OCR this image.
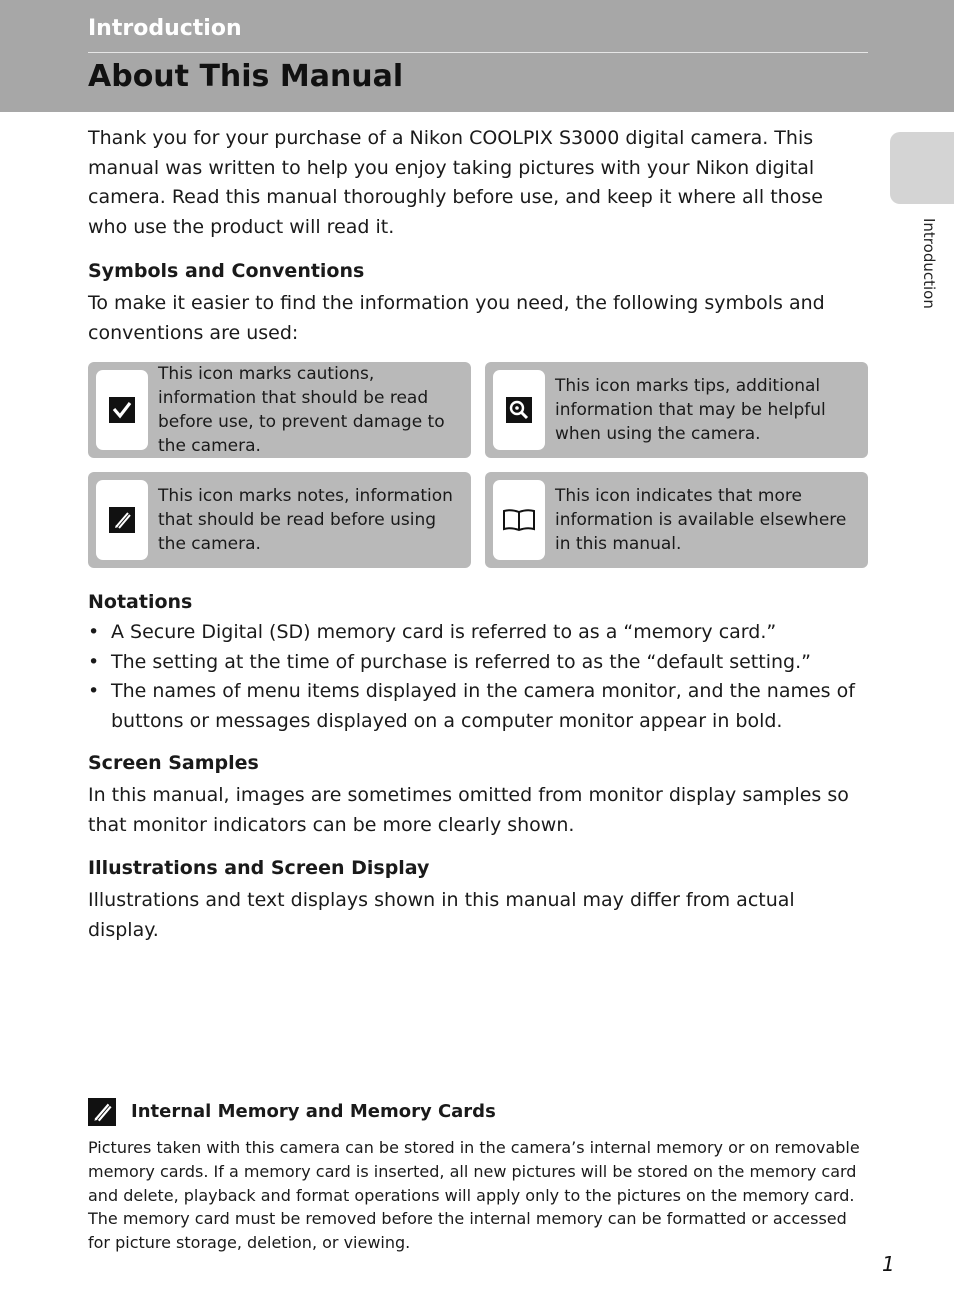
Introduction
About This Manual
Introduction

Thank you for your purchase of a Nikon COOLPIX S3000 digital camera. This manual was written to help you enjoy taking pictures with your Nikon digital camera. Read this manual thoroughly before use, and keep it where all those who use the product will read it.

Symbols and Conventions

To make it easier to find the information you need, the following symbols and conventions are used:

This icon marks cautions, information that should be read before use, to prevent damage to the camera.
This icon marks tips, additional information that may be helpful when using the camera.
This icon marks notes, information that should be read before using the camera.
This icon indicates that more information is available elsewhere in this manual.
Notations
• A Secure Digital (SD) memory card is referred to as a “memory card.”
• The setting at the time of purchase is referred to as the “default setting.”
• The names of menu items displayed in the camera monitor, and the names of buttons or messages displayed on a computer monitor appear in bold.
Screen Samples

In this manual, images are sometimes omitted from monitor display samples so that monitor indicators can be more clearly shown.

Illustrations and Screen Display

Illustrations and text displays shown in this manual may differ from actual display.

Internal Memory and Memory Cards

Pictures taken with this camera can be stored in the camera’s internal memory or on removable memory cards. If a memory card is inserted, all new pictures will be stored on the memory card and delete, playback and format operations will apply only to the pictures on the memory card. The memory card must be removed before the internal memory can be formatted or accessed for picture storage, deletion, or viewing.

1
